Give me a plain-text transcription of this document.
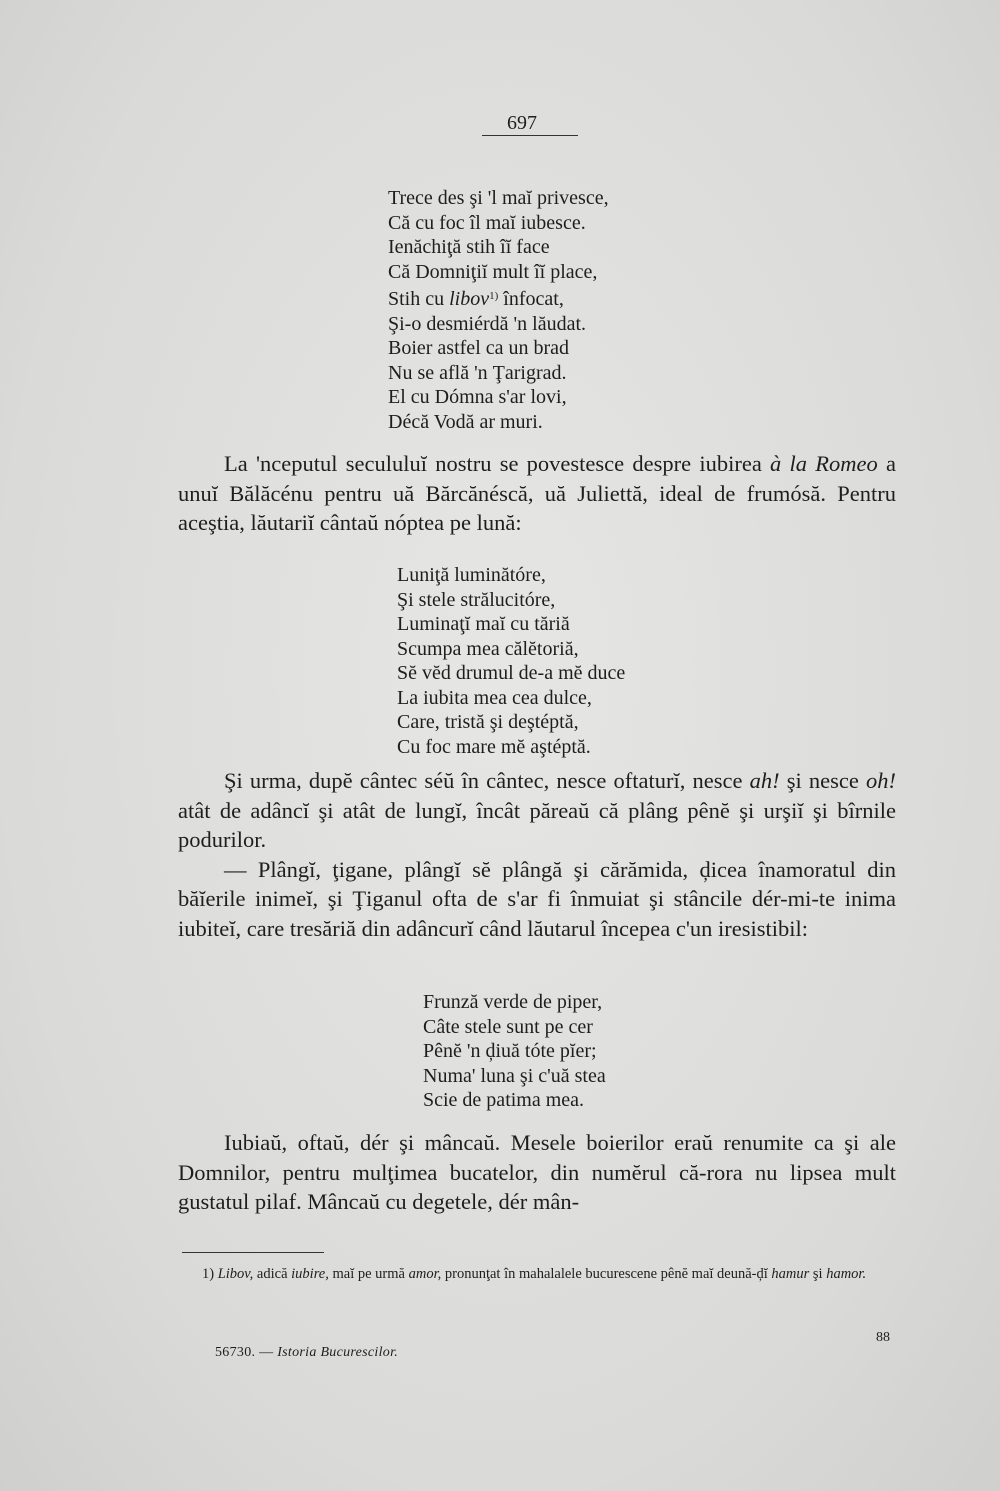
697
Trece des şi 'l maĭ privesce,
Că cu foc îl maĭ iubesce.
Ienăchiţă stih îĭ face
Că Domniţiĭ mult îĭ place,
Stih cu libov$^{1)}$ înfocat,
Şi-o desmiérdă 'n lăudat.
Boier astfel ca un brad
Nu se află 'n Ţarigrad.
El cu Dómna s'ar lovi,
Décă Vodă ar muri.

La 'nceputul secululuĭ nostru se povestesce despre iubirea à la Romeo a unuĭ Bălăcénu pentru uă Bărcănéscă, uă Juliettă, ideal de frumósă. Pentru aceştia, lăutariĭ cântaŭ nóptea pe lună:

Luniţă luminătóre,
Şi stele strălucitóre,
Luminaţĭ maĭ cu tăriă
Scumpa mea călĕtoriă,
Sĕ vĕd drumul de-a mĕ duce
La iubita mea cea dulce,
Care, tristă şi deştéptă,
Cu foc mare mĕ aştéptă.

Şi urma, dupĕ cântec séŭ în cântec, nesce oftaturĭ, nesce ah! şi nesce oh! atât de adâncĭ şi atât de lungĭ, încât păreaŭ că plâng pênĕ şi urşiĭ şi bîrnile podurilor.

— Plângĭ, ţigane, plângĭ sĕ plângă şi cărămida, ḑicea înamoratul din băĭerile inimeĭ, şi Ţiganul ofta de s'ar fi înmuiat şi stâncile dér-mi-te inima iubiteĭ, care tresăriă din adâncurĭ când lăutarul începea c'un iresistibil:

Frunză verde de piper,
Câte stele sunt pe cer
Pênĕ 'n ḑiuă tóte pĭer;
Numa' luna şi c'uă stea
Scie de patima mea.

Iubiaŭ, oftaŭ, dér şi mâncaŭ. Mesele boierilor eraŭ renumite ca şi ale Domnilor, pentru mulţimea bucatelor, din numĕrul că-rora nu lipsea mult gustatul pilaf. Mâncaŭ cu degetele, dér mân-

1) Libov, adică iubire, maĭ pe urmă amor, pronunţat în mahalalele bucurescene pênĕ maĭ deună-ḑĭ hamur şi hamor.
56730. — Istoria Bucurescilor.
88
